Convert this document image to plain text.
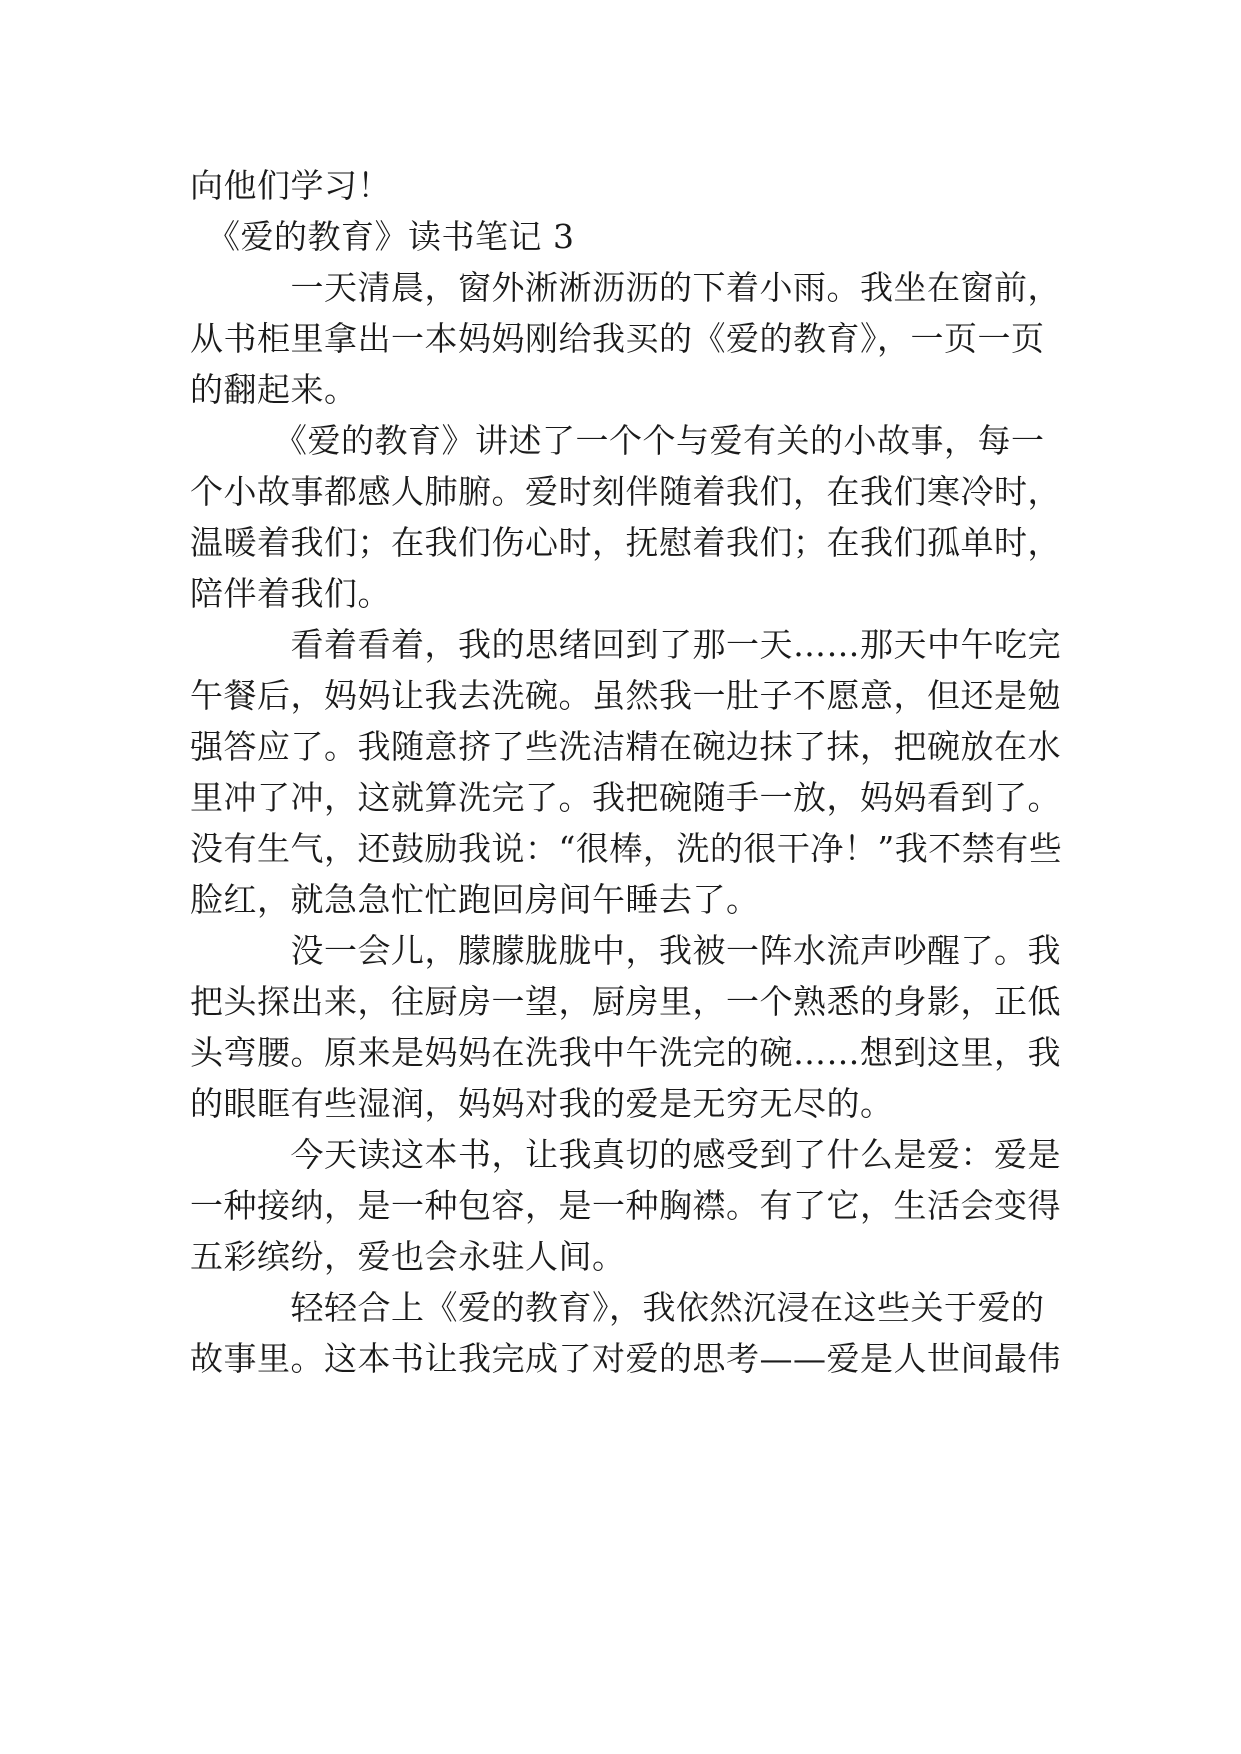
向他们学习！
　《爱的教育》读书笔记 3
　　　一天清晨，窗外淅淅沥沥的下着小雨。我坐在窗前，
从书柜里拿出一本妈妈刚给我买的《爱的教育》，一页一页
的翻起来。
　　　《爱的教育》讲述了一个个与爱有关的小故事，每一
个小故事都感人肺腑。爱时刻伴随着我们，在我们寒冷时，
温暖着我们；在我们伤心时，抚慰着我们；在我们孤单时，
陪伴着我们。
　　　看着看着，我的思绪回到了那一天……那天中午吃完
午餐后，妈妈让我去洗碗。虽然我一肚子不愿意，但还是勉
强答应了。我随意挤了些洗洁精在碗边抹了抹，把碗放在水
里冲了冲，这就算洗完了。我把碗随手一放，妈妈看到了。
没有生气，还鼓励我说：“很棒，洗的很干净！”我不禁有些
脸红，就急急忙忙跑回房间午睡去了。
　　　没一会儿，朦朦胧胧中，我被一阵水流声吵醒了。我
把头探出来，往厨房一望，厨房里，一个熟悉的身影，正低
头弯腰。原来是妈妈在洗我中午洗完的碗……想到这里，我
的眼眶有些湿润，妈妈对我的爱是无穷无尽的。
　　　今天读这本书，让我真切的感受到了什么是爱：爱是
一种接纳，是一种包容，是一种胸襟。有了它，生活会变得
五彩缤纷，爱也会永驻人间。
　　　轻轻合上《爱的教育》，我依然沉浸在这些关于爱的
故事里。这本书让我完成了对爱的思考——爱是人世间最伟
